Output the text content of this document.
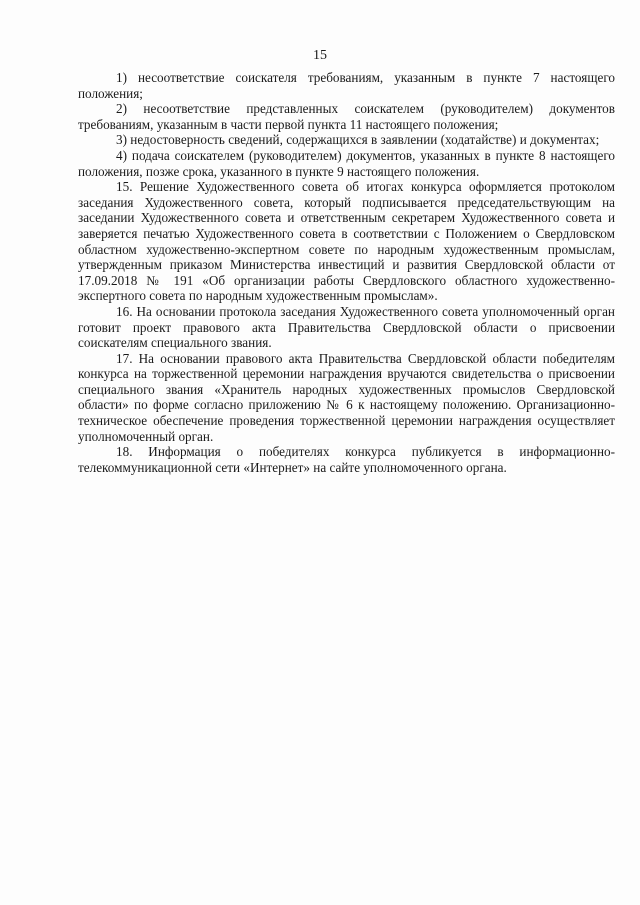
15

1) несоответствие соискателя требованиям, указанным в пункте 7 настоящего положения;

2) несоответствие представленных соискателем (руководителем) документов требованиям, указанным в части первой пункта 11 настоящего положения;

3) недостоверность сведений, содержащихся в заявлении (ходатайстве) и документах;

4) подача соискателем (руководителем) документов, указанных в пункте 8 настоящего положения, позже срока, указанного в пункте 9 настоящего положения.

15. Решение Художественного совета об итогах конкурса оформляется протоколом заседания Художественного совета, который подписывается председательствующим на заседании Художественного совета и ответственным секретарем Художественного совета и заверяется печатью Художественного совета в соответствии с Положением о Свердловском областном художественно-экспертном совете по народным художественным промыслам, утвержденным приказом Министерства инвестиций и развития Свердловской области от 17.09.2018 № 191 «Об организации работы Свердловского областного художественно-экспертного совета по народным художественным промыслам».

16. На основании протокола заседания Художественного совета уполномоченный орган готовит проект правового акта Правительства Свердловской области о присвоении соискателям специального звания.

17. На основании правового акта Правительства Свердловской области победителям конкурса на торжественной церемонии награждения вручаются свидетельства о присвоении специального звания «Хранитель народных художественных промыслов Свердловской области» по форме согласно приложению № 6 к настоящему положению. Организационно-техническое обеспечение проведения торжественной церемонии награждения осуществляет уполномоченный орган.

18. Информация о победителях конкурса публикуется в информационно-телекоммуникационной сети «Интернет» на сайте уполномоченного органа.
